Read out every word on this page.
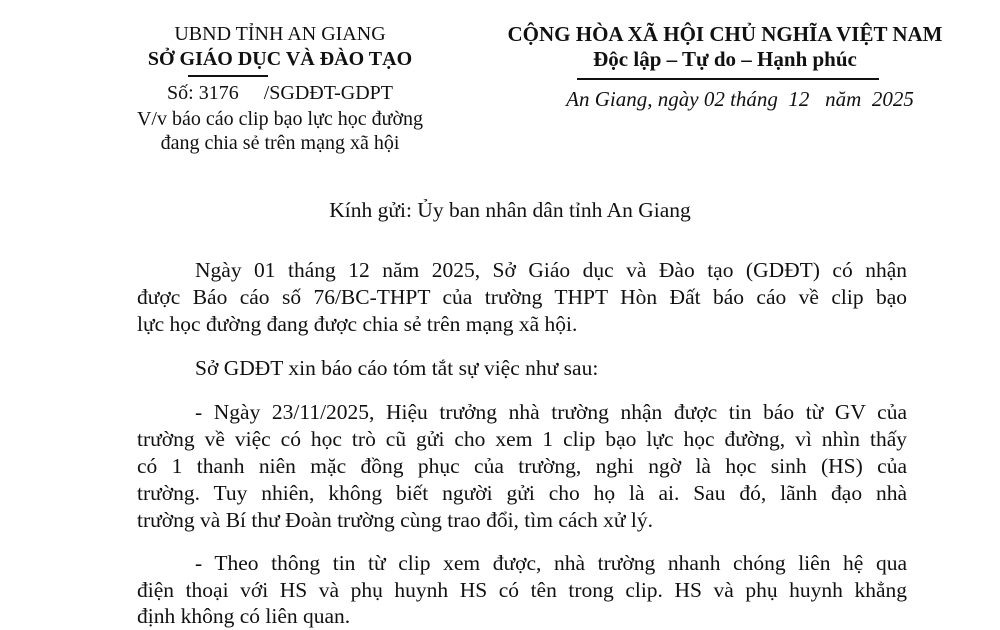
UBND TỈNH AN GIANG
SỞ GIÁO DỤC VÀ ĐÀO TẠO
Số: 3176     /SGDĐT-GDPT
V/v báo cáo clip bạo lực học đường
đang chia sẻ trên mạng xã hội
CỘNG HÒA XÃ HỘI CHỦ NGHĨA VIỆT NAM
Độc lập – Tự do – Hạnh phúc
An Giang, ngày 02 tháng  12   năm  2025
Kính gửi: Ủy ban nhân dân tỉnh An Giang
Ngày 01 tháng 12 năm 2025, Sở Giáo dục và Đào tạo (GDĐT) có nhận
được Báo cáo số 76/BC-THPT của trường THPT Hòn Đất báo cáo về clip bạo
lực học đường đang được chia sẻ trên mạng xã hội.
Sở GDĐT xin báo cáo tóm tắt sự việc như sau:
- Ngày 23/11/2025, Hiệu trưởng nhà trường nhận được tin báo từ GV của
trường về việc có học trò cũ gửi cho xem 1 clip bạo lực học đường, vì nhìn thấy
có 1 thanh niên mặc đồng phục của trường, nghi ngờ là học sinh (HS) của
trường. Tuy nhiên, không biết người gửi cho họ là ai. Sau đó, lãnh đạo nhà
trường và Bí thư Đoàn trường cùng trao đổi, tìm cách xử lý.
- Theo thông tin từ clip xem được, nhà trường nhanh chóng liên hệ qua
điện thoại với HS và phụ huynh HS có tên trong clip. HS và phụ huynh khẳng
định không có liên quan.
